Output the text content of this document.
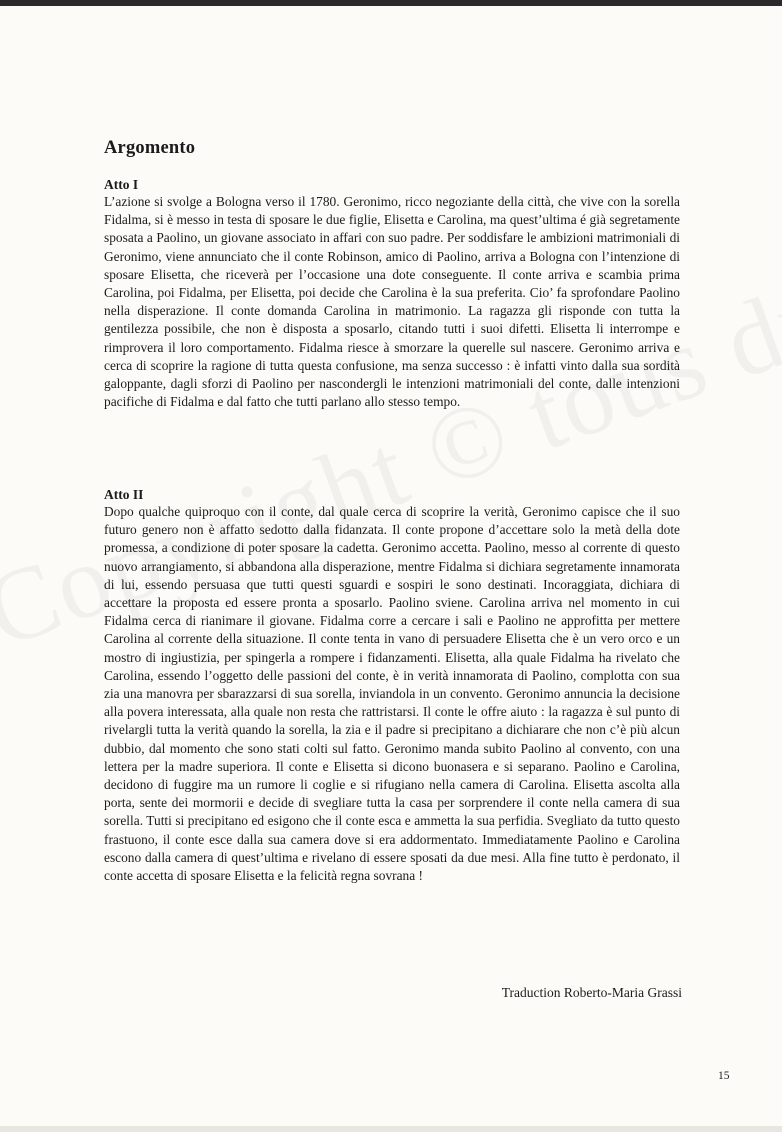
Argomento
Atto I

L’azione si svolge a Bologna verso il 1780. Geronimo, ricco negoziante della città, che vive con la sorella Fidalma, si è messo in testa di sposare le due figlie, Elisetta e Carolina, ma quest’ultima é già segretamente sposata a Paolino, un giovane associato in affari con suo padre. Per soddisfare le ambizioni matrimoniali di Geronimo, viene annunciato che il conte Robinson, amico di Paolino, arriva a Bologna con l’intenzione di sposare Elisetta, che riceverà per l’occasione una dote conseguente. Il conte arriva e scambia prima Carolina, poi Fidalma, per Elisetta, poi decide che Carolina è la sua preferita. Cio’ fa sprofondare Paolino nella disperazione. Il conte domanda Carolina in matrimonio. La ragazza gli risponde con tutta la gentilezza possibile, che non è disposta a sposarlo, citando tutti i suoi difetti. Elisetta li interrompe e rimprovera il loro comportamento. Fidalma riesce à smorzare la querelle sul nascere. Geronimo arriva e cerca di scoprire la ragione di tutta questa confusione, ma senza successo : è infatti vinto dalla sua sordità galoppante, dagli sforzi di Paolino per nascondergli le intenzioni matrimoniali del conte, dalle intenzioni pacifiche di Fidalma e dal fatto che tutti parlano allo stesso tempo.

Atto II

Dopo qualche quiproquo con il conte, dal quale cerca di scoprire la verità, Geronimo capisce che il suo futuro genero non è affatto sedotto dalla fidanzata. Il conte propone d’accettare solo la metà della dote promessa, a condizione di poter sposare la cadetta. Geronimo accetta. Paolino, messo al corrente di questo nuovo arrangiamento, si abbandona alla disperazione, mentre Fidalma si dichiara segretamente innamorata di lui, essendo persuasa que tutti questi sguardi e sospiri le sono destinati. Incoraggiata, dichiara di accettare la proposta ed essere pronta a sposarlo. Paolino sviene. Carolina arriva nel momento in cui Fidalma cerca di rianimare il giovane. Fidalma corre a cercare i sali e Paolino ne approfitta per mettere Carolina al corrente della situazione. Il conte tenta in vano di persuadere Elisetta che è un vero orco e un mostro di ingiustizia, per spingerla a rompere i fidanzamenti. Elisetta, alla quale Fidalma ha rivelato che Carolina, essendo l’oggetto delle passioni del conte, è in verità innamorata di Paolino, complotta con sua zia una manovra per sbarazzarsi di sua sorella, inviandola in un convento. Geronimo annuncia la decisione alla povera interessata, alla quale non resta che rattristarsi. Il conte le offre aiuto : la ragazza è sul punto di rivelargli tutta la verità quando la sorella, la zia e il padre si precipitano a dichiarare che non c’è più alcun dubbio, dal momento che sono stati colti sul fatto. Geronimo manda subito Paolino al convento, con una lettera per la madre superiora. Il conte e Elisetta si dicono buonasera e si separano. Paolino e Carolina, decidono di fuggire ma un rumore li coglie e si rifugiano nella camera di Carolina. Elisetta ascolta alla porta, sente dei mormorii e decide di svegliare tutta la casa per sorprendere il conte nella camera di sua sorella. Tutti si precipitano ed esigono che il conte esca e ammetta la sua perfidia. Svegliato da tutto questo frastuono, il conte esce dalla sua camera dove si era addormentato. Immediatamente Paolino e Carolina escono dalla camera di quest’ultima e rivelano di essere sposati da due mesi. Alla fine tutto è perdonato, il conte accetta di sposare Elisetta e la felicità regna sovrana !

Traduction Roberto-Maria Grassi

15
